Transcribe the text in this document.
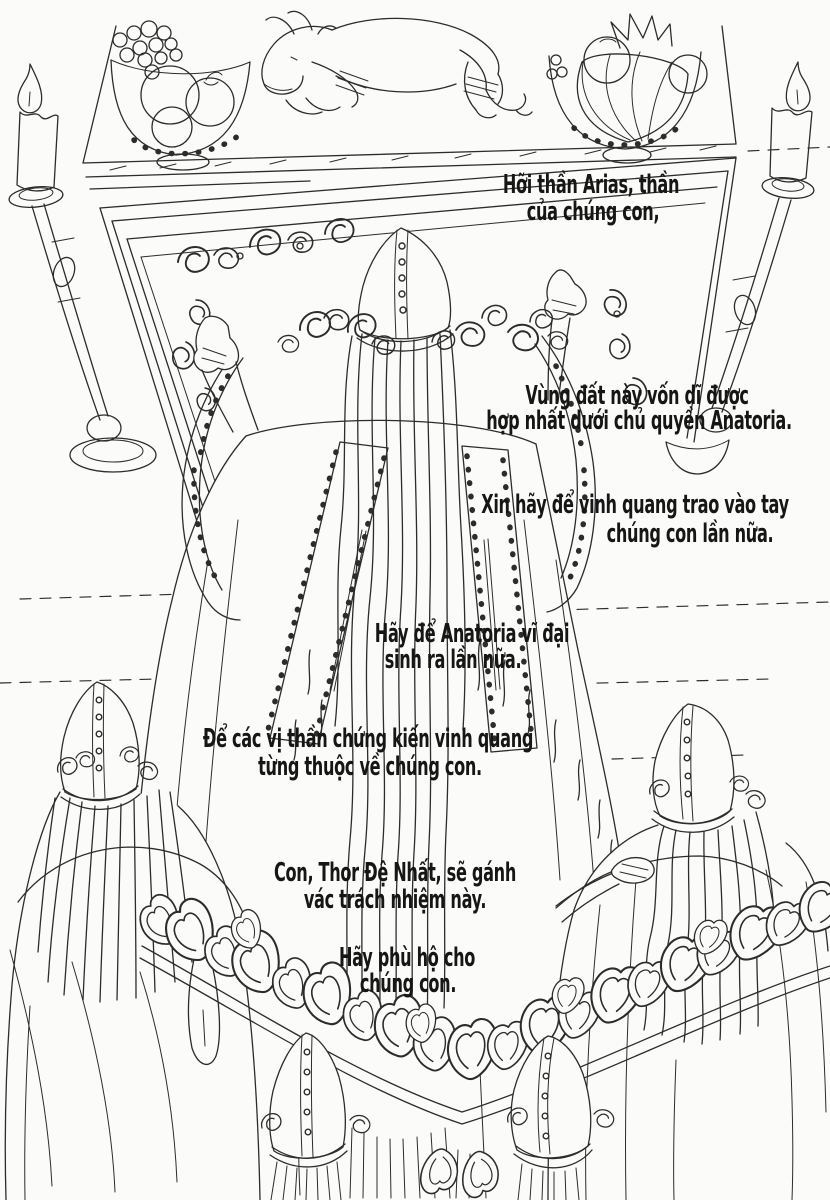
Hỡi thần Arias, thần
của chúng con,
Vùng đất này vốn dĩ được
hợp nhất dưới chủ quyền Anatoria.
Xin hãy để vinh quang trao vào tay
chúng con lần nữa.
Hãy để Anatoria vĩ đại
sinh ra lần nữa.
Để các vị thần chứng kiến vinh quang
từng thuộc về chúng con.
Con, Thor Đệ Nhất, sẽ gánh
vác trách nhiệm này.
Hãy phù hộ cho
chúng con.
